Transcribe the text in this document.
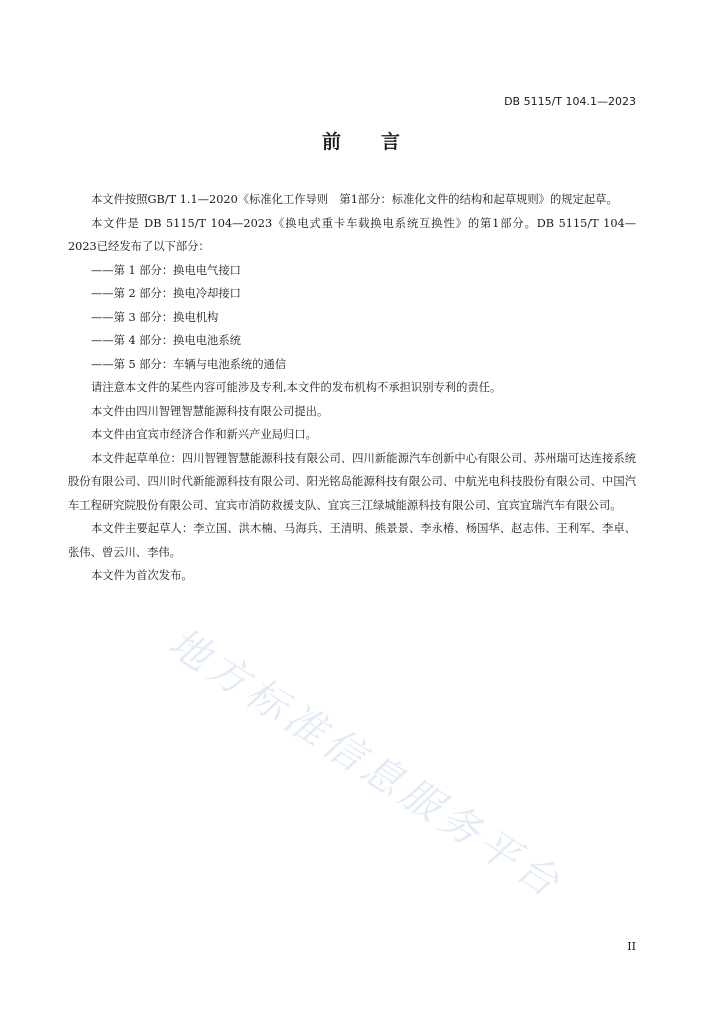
DB 5115/T 104.1—2023
前 言

本文件按照GB/T 1.1—2020《标准化工作导则　第1部分：标准化文件的结构和起草规则》的规定起草。

本文件是 DB 5115/T 104—2023《换电式重卡车载换电系统互换性》的第1部分。DB 5115/T 104—2023已经发布了以下部分：

——第 1 部分：换电电气接口

——第 2 部分：换电冷却接口

——第 3 部分：换电机构

——第 4 部分：换电电池系统

——第 5 部分：车辆与电池系统的通信

请注意本文件的某些内容可能涉及专利,本文件的发布机构不承担识别专利的责任。

本文件由四川智锂智慧能源科技有限公司提出。

本文件由宜宾市经济合作和新兴产业局归口。

本文件起草单位：四川智锂智慧能源科技有限公司、四川新能源汽车创新中心有限公司、苏州瑞可达连接系统股份有限公司、四川时代新能源科技有限公司、阳光铭岛能源科技有限公司、中航光电科技股份有限公司、中国汽车工程研究院股份有限公司、宜宾市消防救援支队、宜宾三江绿城能源科技有限公司、宜宾宜瑞汽车有限公司。

本文件主要起草人：李立国、洪木楠、马海兵、王清明、熊景景、李永椿、杨国华、赵志伟、王利军、李卓、张伟、曾云川、李伟。

本文件为首次发布。

地方标准信息服务平台
II
